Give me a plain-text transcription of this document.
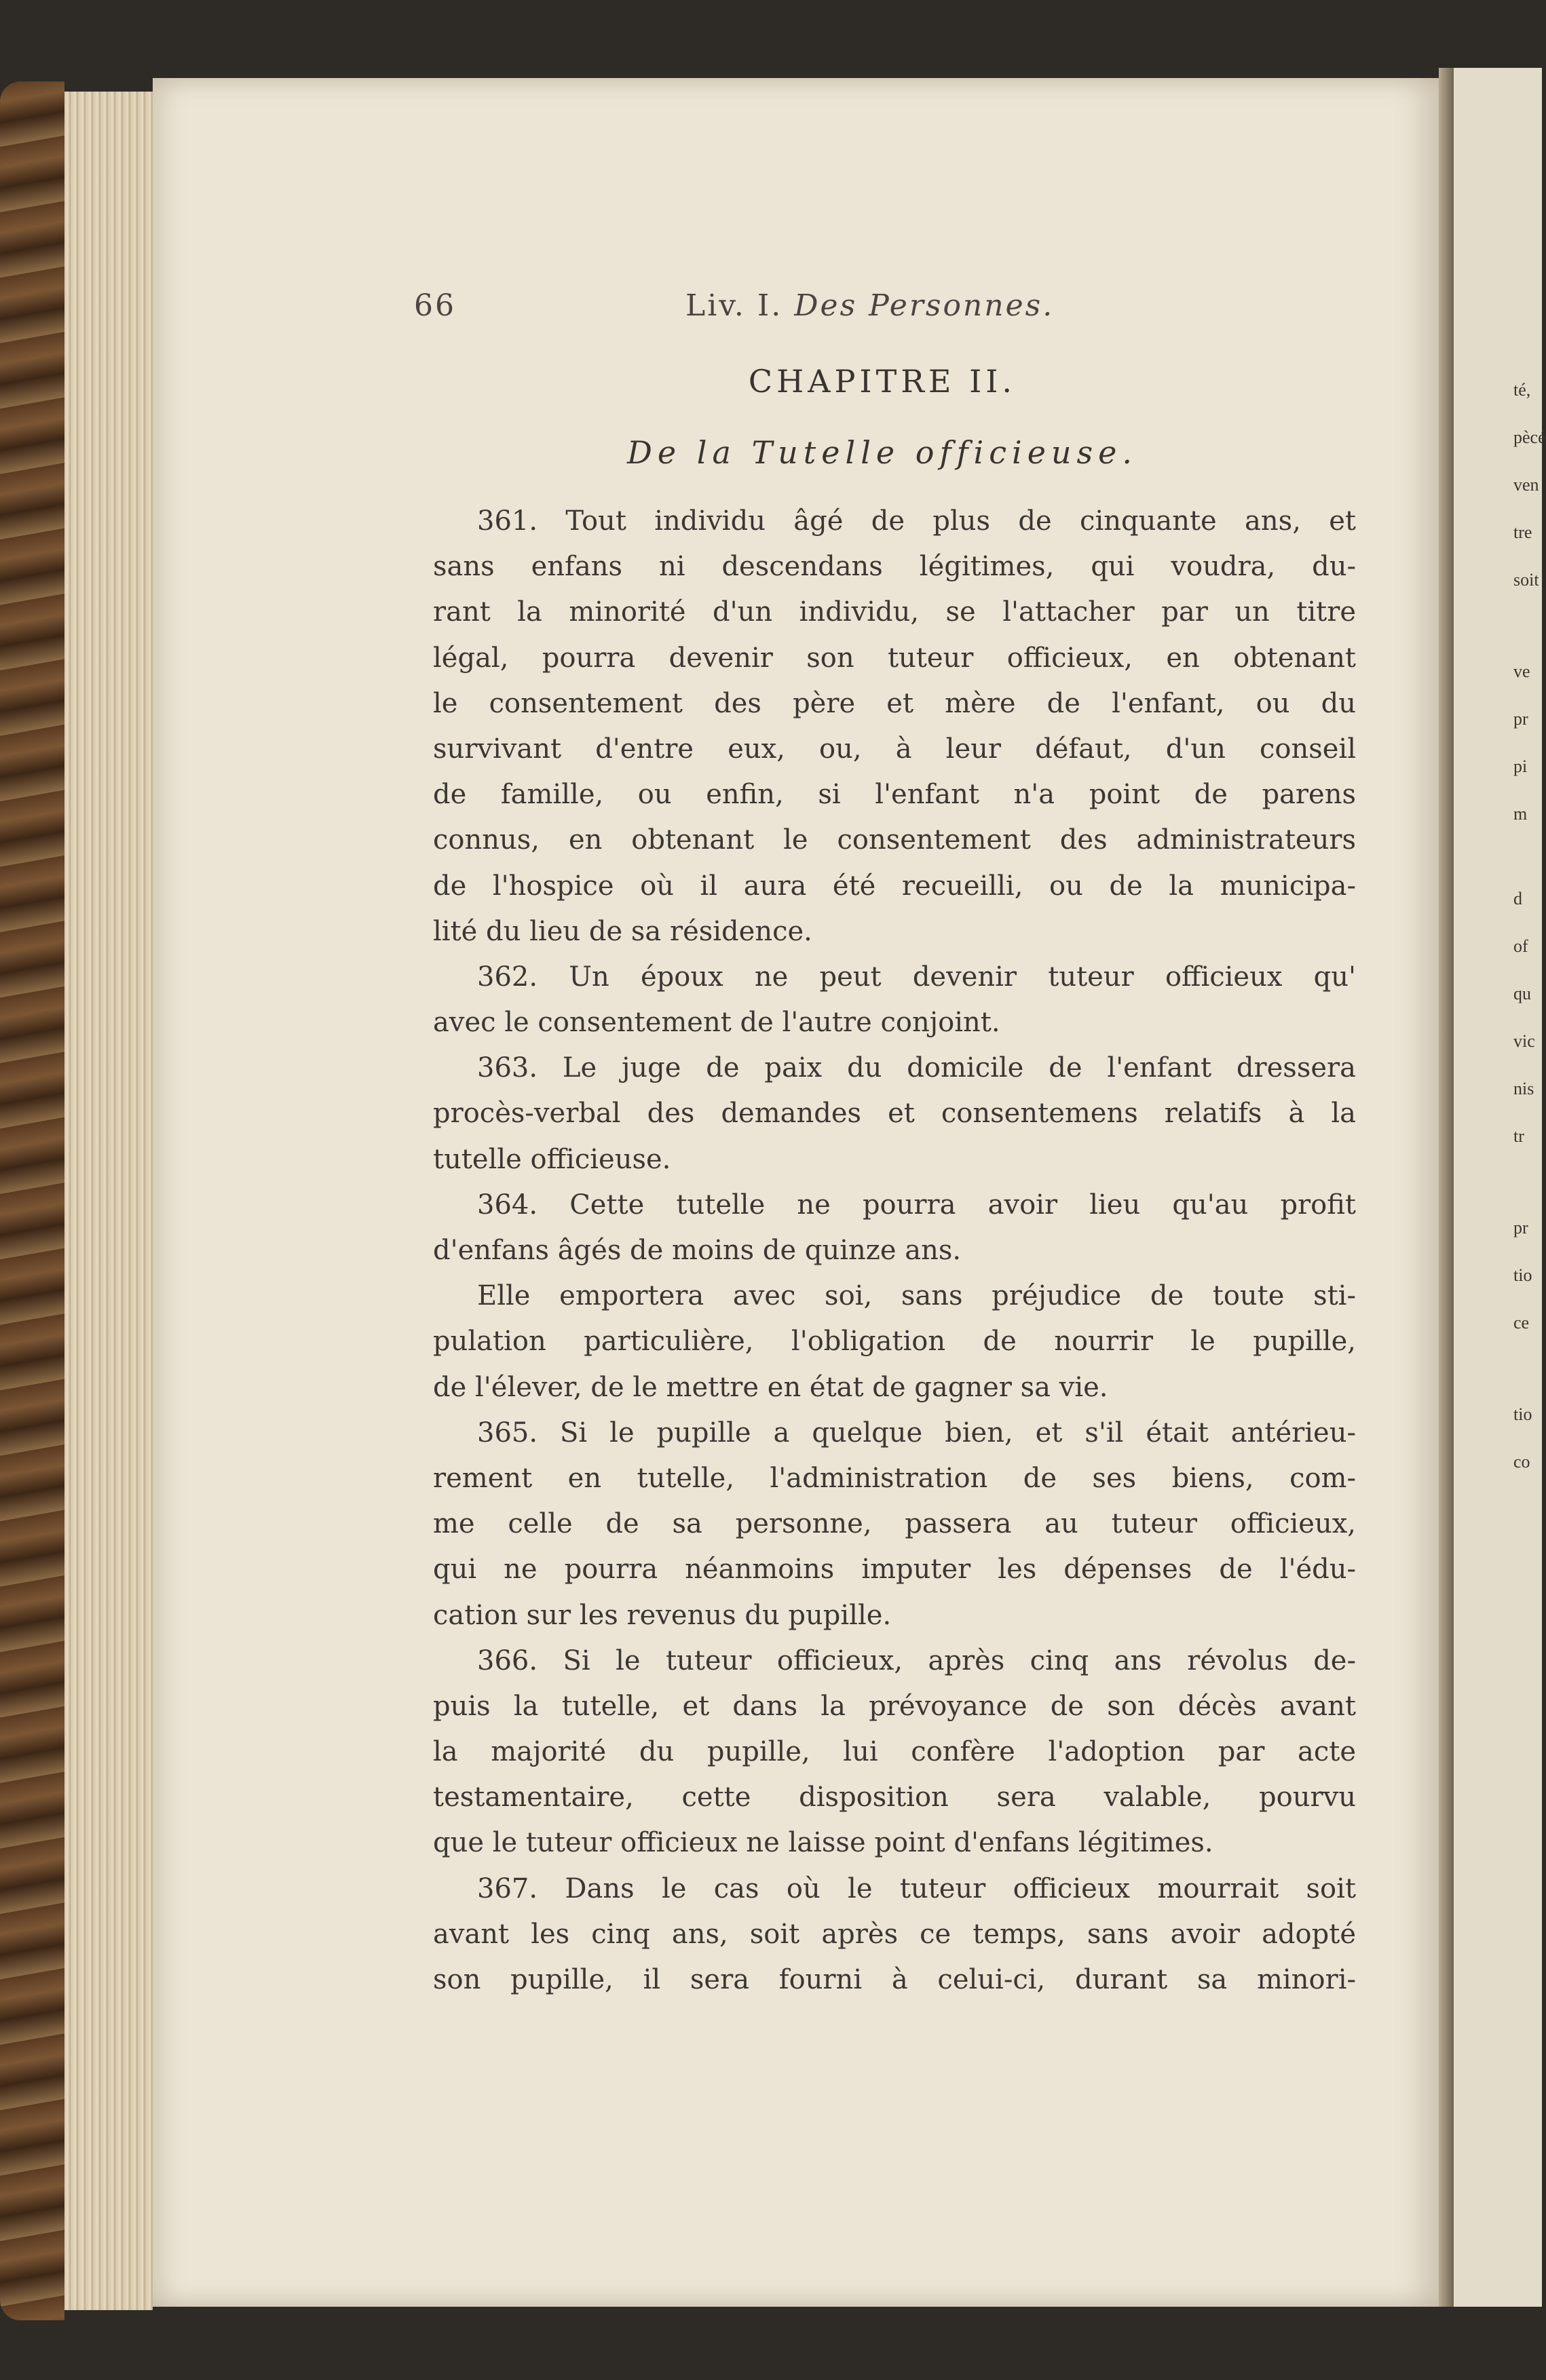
té,
pècé
ven
tre
soit
ve
pr
pi
m
d
of
qu
vic
nis
tr
pr
tio
ce
tio
co
66	Liv. I. Des Personnes.
CHAPITRE II.
De la Tutelle officieuse.
361. Tout individu âgé de plus de cinquante ans, et
sans enfans ni descendans légitimes, qui voudra, du-
rant la minorité d'un individu, se l'attacher par un titre
légal, pourra devenir son tuteur officieux, en obtenant
le consentement des père et mère de l'enfant, ou du
survivant d'entre eux, ou, à leur défaut, d'un conseil
de famille, ou enfin, si l'enfant n'a point de parens
connus, en obtenant le consentement des administrateurs
de l'hospice où il aura été recueilli, ou de la municipa-
lité du lieu de sa résidence.
362. Un époux ne peut devenir tuteur officieux qu'
avec le consentement de l'autre conjoint.
363. Le juge de paix du domicile de l'enfant dressera
procès-verbal des demandes et consentemens relatifs à la
tutelle officieuse.
364. Cette tutelle ne pourra avoir lieu qu'au profit
d'enfans âgés de moins de quinze ans.
Elle emportera avec soi, sans préjudice de toute sti-
pulation particulière, l'obligation de nourrir le pupille,
de l'élever, de le mettre en état de gagner sa vie.
365. Si le pupille a quelque bien, et s'il était antérieu-
rement en tutelle, l'administration de ses biens, com-
me celle de sa personne, passera au tuteur officieux,
qui ne pourra néanmoins imputer les dépenses de l'édu-
cation sur les revenus du pupille.
366. Si le tuteur officieux, après cinq ans révolus de-
puis la tutelle, et dans la prévoyance de son décès avant
la majorité du pupille, lui confère l'adoption par acte
testamentaire, cette disposition sera valable, pourvu
que le tuteur officieux ne laisse point d'enfans légitimes.
367. Dans le cas où le tuteur officieux mourrait soit
avant les cinq ans, soit après ce temps, sans avoir adopté
son pupille, il sera fourni à celui-ci, durant sa minori-
